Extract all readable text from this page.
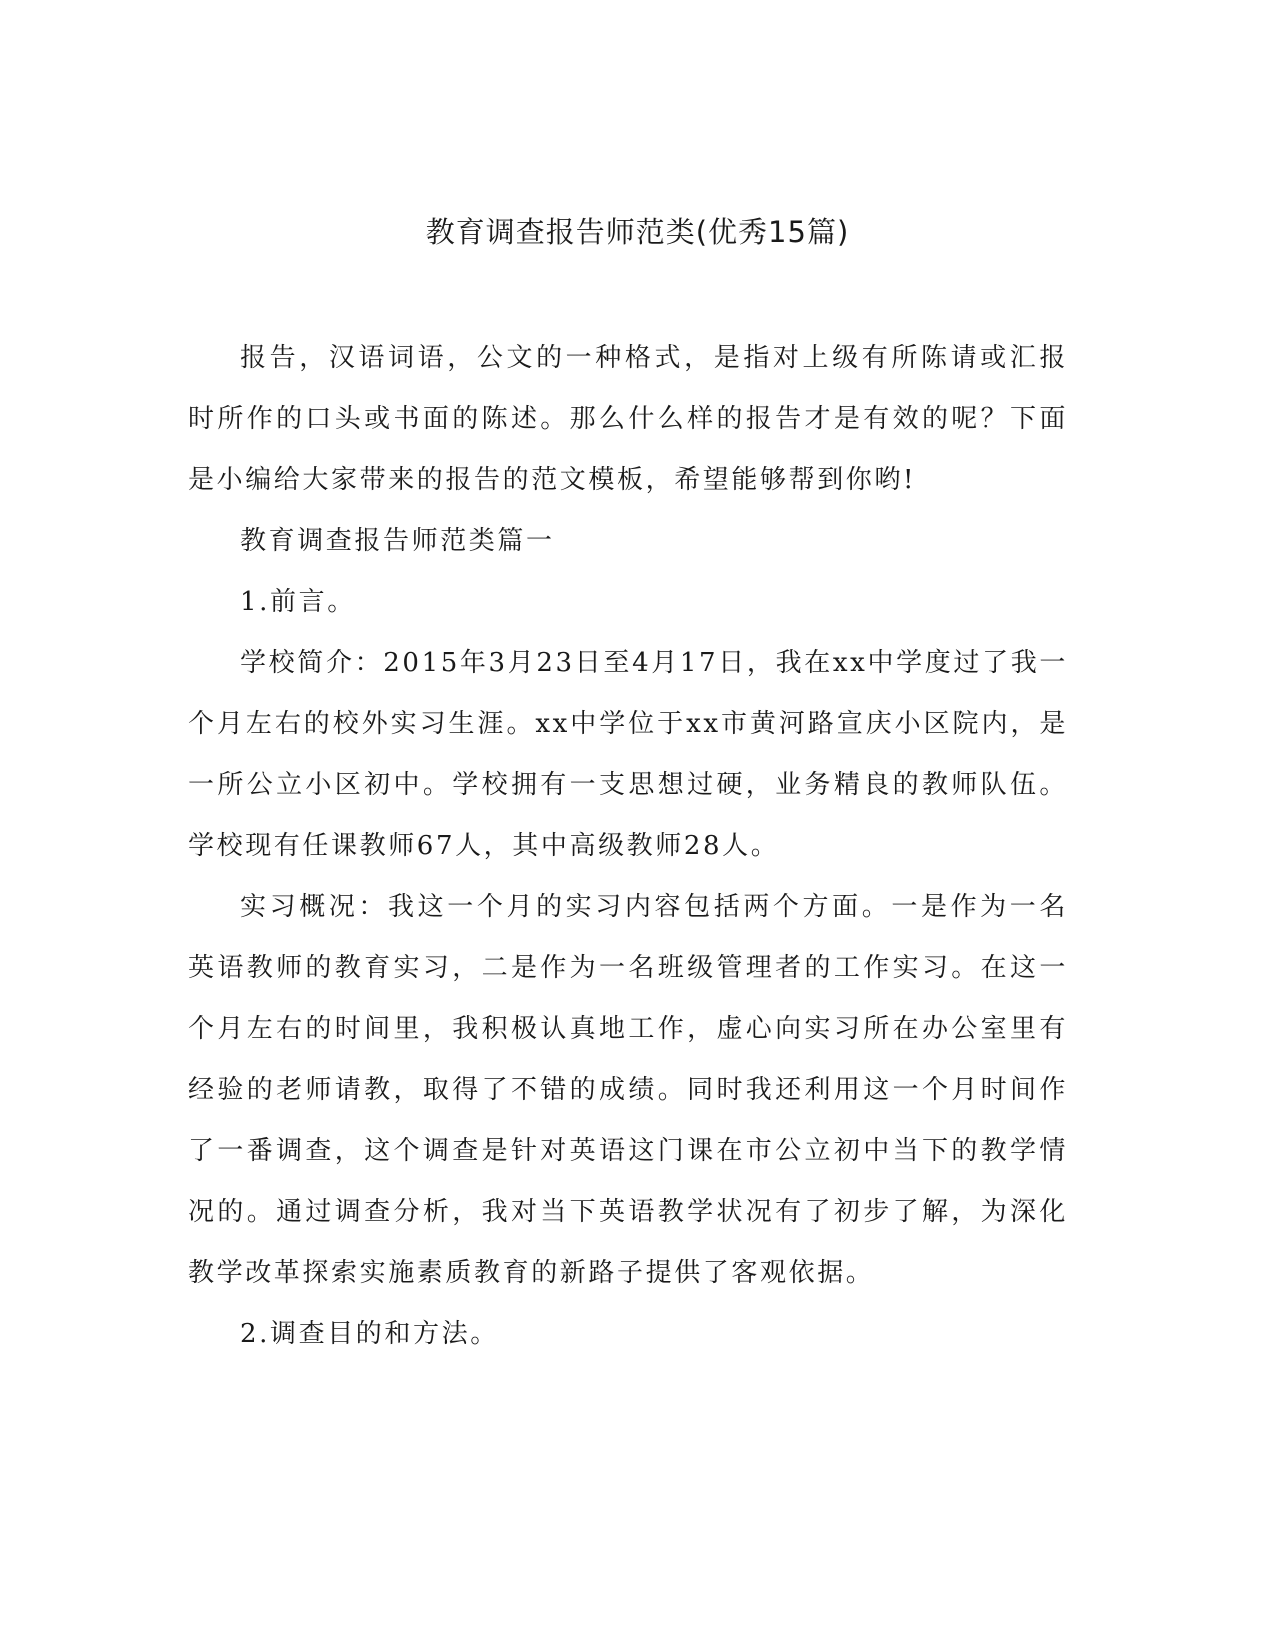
教育调查报告师范类(优秀15篇)

报告，汉语词语，公文的一种格式，是指对上级有所陈请或汇报时所作的口头或书面的陈述。那么什么样的报告才是有效的呢？下面是小编给大家带来的报告的范文模板，希望能够帮到你哟!

教育调查报告师范类篇一

1.前言。

学校简介：2015年3月23日至4月17日，我在xx中学度过了我一个月左右的校外实习生涯。xx中学位于xx市黄河路宣庆小区院内，是一所公立小区初中。学校拥有一支思想过硬，业务精良的教师队伍。学校现有任课教师67人，其中高级教师28人。

实习概况：我这一个月的实习内容包括两个方面。一是作为一名英语教师的教育实习，二是作为一名班级管理者的工作实习。在这一个月左右的时间里，我积极认真地工作，虚心向实习所在办公室里有经验的老师请教，取得了不错的成绩。同时我还利用这一个月时间作了一番调查，这个调查是针对英语这门课在市公立初中当下的教学情况的。通过调查分析，我对当下英语教学状况有了初步了解，为深化教学改革探索实施素质教育的新路子提供了客观依据。

2.调查目的和方法。
